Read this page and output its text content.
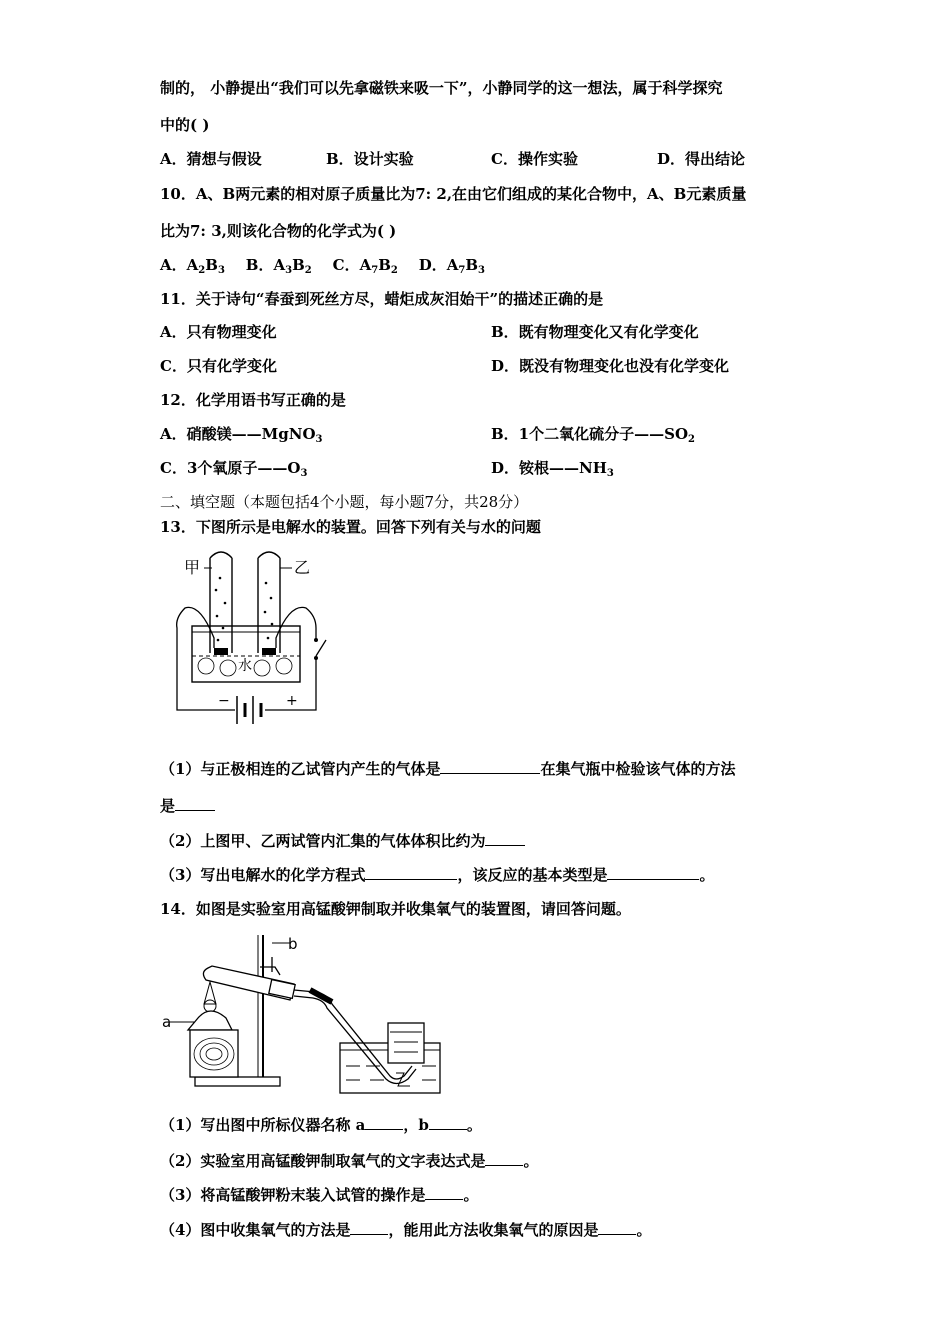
制的， 小静提出“我们可以先拿磁铁来吸一下”，小静同学的这一想法，属于科学探究
中的( )
A．猜想与假设	B．设计实验	C．操作实验	D．得出结论
10．A、B两元素的相对原子质量比为7: 2,在由它们组成的某化合物中，A、B元素质量
比为7: 3,则该化合物的化学式为( )
A．$A_2B_3$ B．$A_3B_2$ C．$A_7B_2$ D．$A_7B_3$
11．关于诗句“春蚕到死丝方尽，蜡炬成灰泪始干”的描述正确的是
A．只有物理变化	B．既有物理变化又有化学变化
C．只有化学变化	D．既没有物理变化也没有化学变化
12．化学用语书写正确的是
A．硝酸镁——MgNO$_3$	B．1个二氧化硫分子$——SO_2$
C．3个氧原子$——O_3$	D．铵根$——NH_3$
二、填空题（本题包括4个小题，每小题7分，共28分）
13．下图所示是电解水的装置。回答下列有关与水的问题
水
−	+
甲	乙
（1）与正极相连的乙试管内产生的气体是	在集气瓶中检验该气体的方法
是
（2）上图甲、乙两试管内汇集的气体体积比约为
（3）写出电解水的化学方程式	，该反应的基本类型是	。
14．如图是实验室用高锰酸钾制取并收集氧气的装置图，请回答问题。
b
a
（1）写出图中所标仪器名称 a	，b	。
（2）实验室用高锰酸钾制取氧气的文字表达式是	。
（3）将高锰酸钾粉末装入试管的操作是	。
（4）图中收集氧气的方法是	，能用此方法收集氧气的原因是	。
